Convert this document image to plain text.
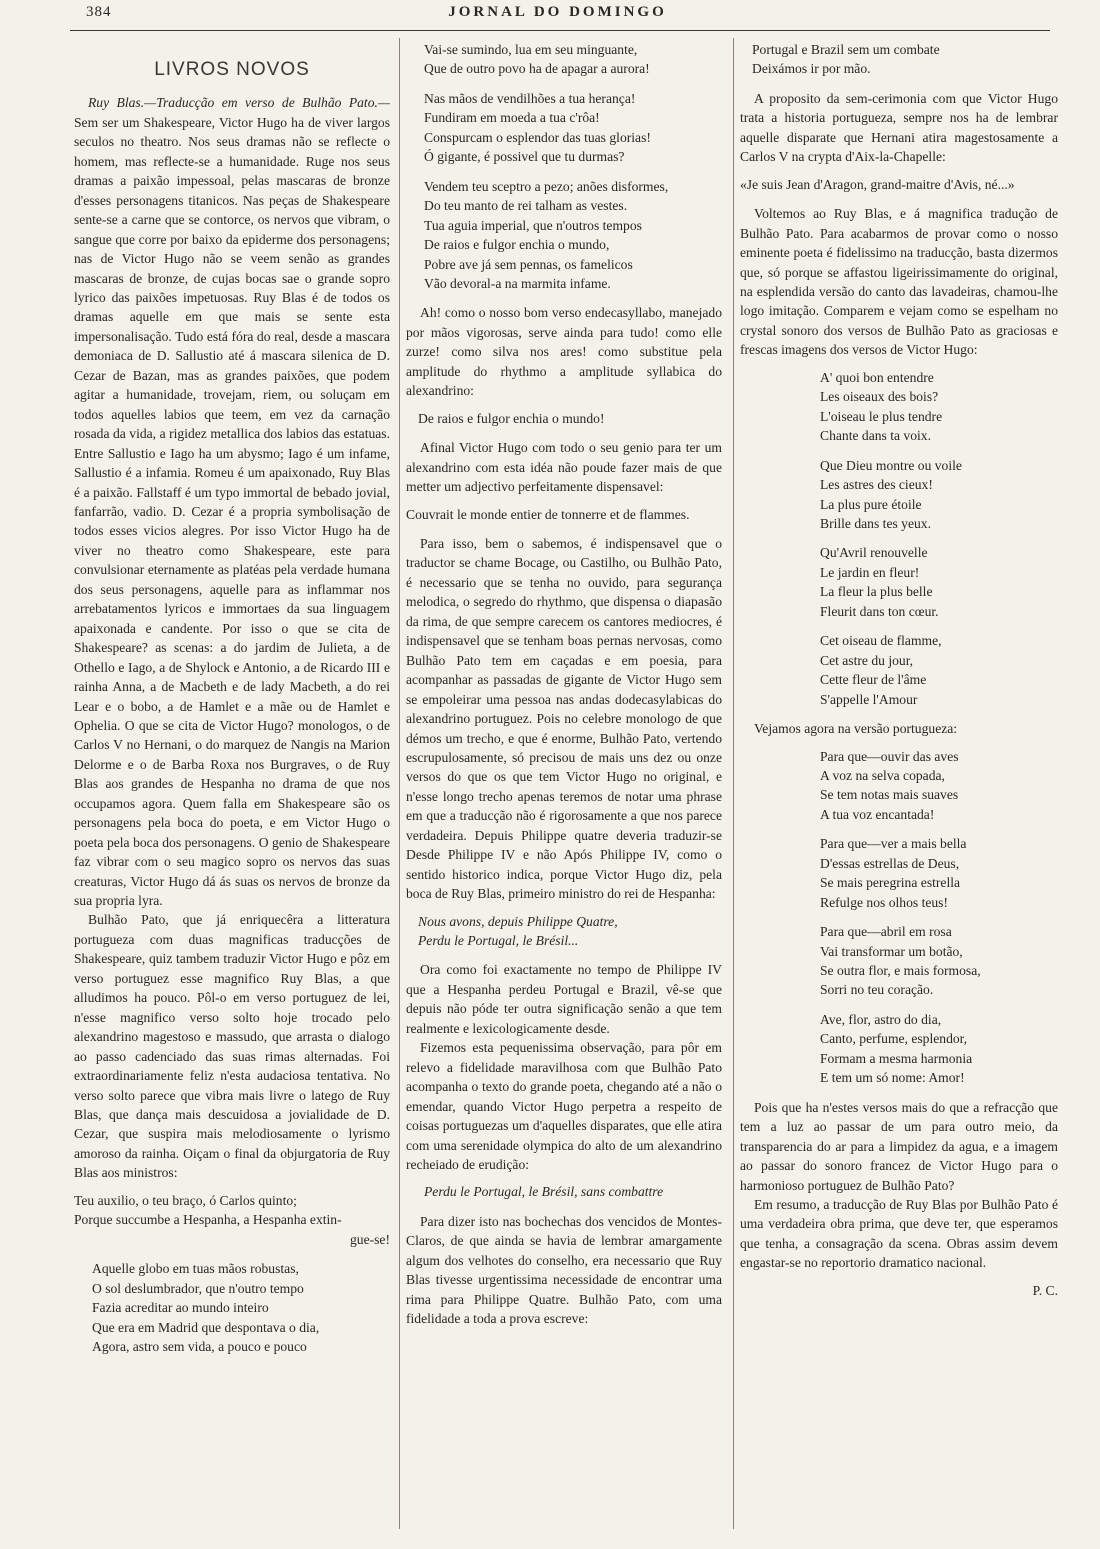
384	JORNAL DO DOMINGO
LIVROS NOVOS

Ruy Blas.—Traducção em verso de Bulhão Pato.— Sem ser um Shakespeare, Victor Hugo ha de viver largos seculos no theatro. Nos seus dramas não se reflecte o homem, mas reflecte-se a humanidade. Ruge nos seus dramas a paixão impessoal, pelas mascaras de bronze d'esses personagens titanicos. Nas peças de Shakespeare sente-se a carne que se contorce, os nervos que vibram, o sangue que corre por baixo da epiderme dos personagens; nas de Victor Hugo não se veem senão as grandes mascaras de bronze, de cujas bocas sae o grande sopro lyrico das paixões impetuosas. Ruy Blas é de todos os dramas aquelle em que mais se sente esta impersonalisação. Tudo está fóra do real, desde a mascara demoniaca de D. Sallustio até á mascara silenica de D. Cezar de Bazan, mas as grandes paixões, que podem agitar a humanidade, trovejam, riem, ou soluçam em todos aquelles labios que teem, em vez da carnação rosada da vida, a rigidez metallica dos labios das estatuas. Entre Sallustio e Iago ha um abysmo; Iago é um infame, Sallustio é a infamia. Romeu é um apaixonado, Ruy Blas é a paixão. Fallstaff é um typo immortal de bebado jovial, fanfarrão, vadio. D. Cezar é a propria symbolisação de todos esses vicios alegres. Por isso Victor Hugo ha de viver no theatro como Shakespeare, este para convulsionar eternamente as platéas pela verdade humana dos seus personagens, aquelle para as inflammar nos arrebatamentos lyricos e immortaes da sua linguagem apaixonada e candente. Por isso o que se cita de Shakespeare? as scenas: a do jardim de Julieta, a de Othello e Iago, a de Shylock e Antonio, a de Ricardo III e rainha Anna, a de Macbeth e de lady Macbeth, a do rei Lear e o bobo, a de Hamlet e a mãe ou de Hamlet e Ophelia. O que se cita de Victor Hugo? monologos, o de Carlos V no Hernani, o do marquez de Nangis na Marion Delorme e o de Barba Roxa nos Burgraves, o de Ruy Blas aos grandes de Hespanha no drama de que nos occupamos agora. Quem falla em Shakespeare são os personagens pela boca do poeta, e em Victor Hugo o poeta pela boca dos personagens. O genio de Shakespeare faz vibrar com o seu magico sopro os nervos das suas creaturas, Victor Hugo dá ás suas os nervos de bronze da sua propria lyra.

Bulhão Pato, que já enriquecêra a litteratura portugueza com duas magnificas traducções de Shakespeare, quiz tambem traduzir Victor Hugo e pôz em verso portuguez esse magnifico Ruy Blas, a que alludimos ha pouco. Pôl-o em verso portuguez de lei, n'esse magnifico verso solto hoje trocado pelo alexandrino magestoso e massudo, que arrasta o dialogo ao passo cadenciado das suas rimas alternadas. Foi extraordinariamente feliz n'esta audaciosa tentativa. No verso solto parece que vibra mais livre o latego de Ruy Blas, que dança mais descuidosa a jovialidade de D. Cezar, que suspira mais melodiosamente o lyrismo amoroso da rainha. Oiçam o final da objurgatoria de Ruy Blas aos ministros:

Teu auxilio, o teu braço, ó Carlos quinto;
Porque succumbe a Hespanha, a Hespanha extin-
gue-se!
Aquelle globo em tuas mãos robustas,
O sol deslumbrador, que n'outro tempo
Fazia acreditar ao mundo inteiro
Que era em Madrid que despontava o dia,
Agora, astro sem vida, a pouco e pouco
Vai-se sumindo, lua em seu minguante,
Que de outro povo ha de apagar a aurora!
Nas mãos de vendilhões a tua herança!
Fundiram em moeda a tua c'rôa!
Conspurcam o esplendor das tuas glorias!
Ó gigante, é possivel que tu durmas?
Vendem teu sceptro a pezo; anões disformes,
Do teu manto de rei talham as vestes.
Tua aguia imperial, que n'outros tempos
De raios e fulgor enchia o mundo,
Pobre ave já sem pennas, os famelicos
Vão devoral-a na marmita infame.

Ah! como o nosso bom verso endecasyllabo, manejado por mãos vigorosas, serve ainda para tudo! como elle zurze! como silva nos ares! como substitue pela amplitude do rhythmo a amplitude syllabica do alexandrino:

De raios e fulgor enchia o mundo!

Afinal Victor Hugo com todo o seu genio para ter um alexandrino com esta idéa não poude fazer mais de que metter um adjectivo perfeitamente dispensavel:

Couvrait le monde entier de tonnerre et de flammes.

Para isso, bem o sabemos, é indispensavel que o traductor se chame Bocage, ou Castilho, ou Bulhão Pato, é necessario que se tenha no ouvido, para segurança melodica, o segredo do rhythmo, que dispensa o diapasão da rima, de que sempre carecem os cantores mediocres, é indispensavel que se tenham boas pernas nervosas, como Bulhão Pato tem em caçadas e em poesia, para acompanhar as passadas de gigante de Victor Hugo sem se empoleirar uma pessoa nas andas dodecasylabicas do alexandrino portuguez. Pois no celebre monologo de que démos um trecho, e que é enorme, Bulhão Pato, vertendo escrupulosamente, só precisou de mais uns dez ou onze versos do que os que tem Victor Hugo no original, e n'esse longo trecho apenas teremos de notar uma phrase em que a traducção não é rigorosamente a que nos parece verdadeira. Depuis Philippe quatre deveria traduzir-se Desde Philippe IV e não Após Philippe IV, como o sentido historico indica, porque Victor Hugo diz, pela boca de Ruy Blas, primeiro ministro do rei de Hespanha:

Nous avons, depuis Philippe Quatre,
Perdu le Portugal, le Brésil...

Ora como foi exactamente no tempo de Philippe IV que a Hespanha perdeu Portugal e Brazil, vê-se que depuis não póde ter outra significação senão a que tem realmente e lexicologicamente desde.

Fizemos esta pequenissima observação, para pôr em relevo a fidelidade maravilhosa com que Bulhão Pato acompanha o texto do grande poeta, chegando até a não o emendar, quando Victor Hugo perpetra a respeito de coisas portuguezas um d'aquelles disparates, que elle atira com uma serenidade olympica do alto de um alexandrino recheiado de erudição:

Perdu le Portugal, le Brésil, sans combattre

Para dizer isto nas bochechas dos vencidos de Montes-Claros, de que ainda se havia de lembrar amargamente algum dos velhotes do conselho, era necessario que Ruy Blas tivesse urgentissima necessidade de encontrar uma rima para Philippe Quatre. Bulhão Pato, com uma fidelidade a toda a prova escreve:

Portugal e Brazil sem um combate
Deixámos ir por mão.

A proposito da sem-cerimonia com que Victor Hugo trata a historia portugueza, sempre nos ha de lembrar aquelle disparate que Hernani atira magestosamente a Carlos V na crypta d'Aix-la-Chapelle:

«Je suis Jean d'Aragon, grand-maitre d'Avis, né...»

Voltemos ao Ruy Blas, e á magnifica tradução de Bulhão Pato. Para acabarmos de provar como o nosso eminente poeta é fidelissimo na traducção, basta dizermos que, só porque se affastou ligeirissimamente do original, na esplendida versão do canto das lavadeiras, chamou-lhe logo imitação. Comparem e vejam como se espelham no crystal sonoro dos versos de Bulhão Pato as graciosas e frescas imagens dos versos de Victor Hugo:

A' quoi bon entendre
Les oiseaux des bois?
L'oiseau le plus tendre
Chante dans ta voix.
Que Dieu montre ou voile
Les astres des cieux!
La plus pure étoile
Brille dans tes yeux.
Qu'Avril renouvelle
Le jardin en fleur!
La fleur la plus belle
Fleurit dans ton cœur.
Cet oiseau de flamme,
Cet astre du jour,
Cette fleur de l'âme
S'appelle l'Amour

Vejamos agora na versão portugueza:

Para que—ouvir das aves
A voz na selva copada,
Se tem notas mais suaves
A tua voz encantada!
Para que—ver a mais bella
D'essas estrellas de Deus,
Se mais peregrina estrella
Refulge nos olhos teus!
Para que—abril em rosa
Vai transformar um botão,
Se outra flor, e mais formosa,
Sorri no teu coração.
Ave, flor, astro do dia,
Canto, perfume, esplendor,
Formam a mesma harmonia
E tem um só nome: Amor!

Pois que ha n'estes versos mais do que a refracção que tem a luz ao passar de um para outro meio, da transparencia do ar para a limpidez da agua, e a imagem ao passar do sonoro francez de Victor Hugo para o harmonioso portuguez de Bulhão Pato?

Em resumo, a traducção de Ruy Blas por Bulhão Pato é uma verdadeira obra prima, que deve ter, que esperamos que tenha, a consagração da scena. Obras assim devem engastar-se no reportorio dramatico nacional.

P. C.
